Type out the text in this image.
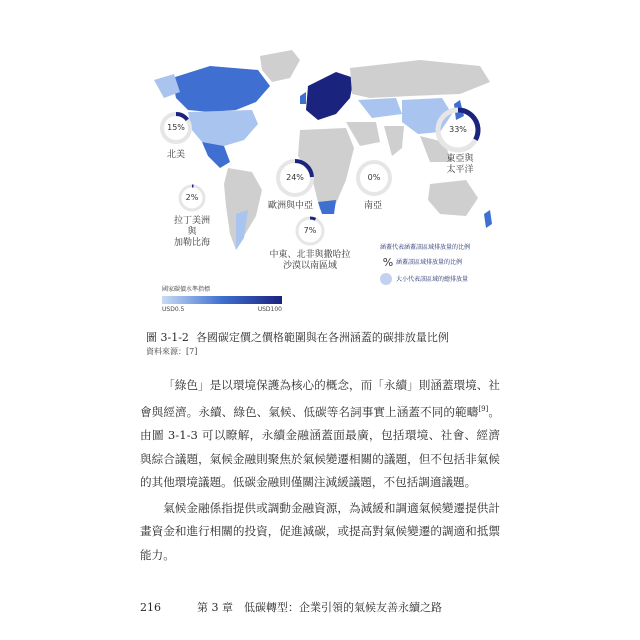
15%
北美
2%
拉丁美洲與
加勒比海
24%
歐洲與中亞
7%
中東、北非與撒哈拉
沙漠以南區域
0%
南亞
33%
東亞與
太平洋
國家碳價水準指標
USD0.5	USD100
涵蓋代表涵蓋該區域排放量的比例
% 涵蓋該區域排放量的比例
大小代表該區域的總排放量
圖 3-1-2 各國碳定價之價格範圍與在各洲涵蓋的碳排放量比例
資料來源：[7]

「綠色」是以環境保護為核心的概念，而「永續」則涵蓋環境、社會與經濟。永續、綠色、氣候、低碳等名詞事實上涵蓋不同的範疇[9]。由圖 3-1-3 可以瞭解，永續金融涵蓋面最廣，包括環境、社會、經濟與綜合議題，氣候金融則聚焦於氣候變遷相關的議題，但不包括非氣候的其他環境議題。低碳金融則僅關注減緩議題，不包括調適議題。

氣候金融係指提供或調動金融資源，為減緩和調適氣候變遷提供計畫資金和進行相關的投資，促進減碳，或提高對氣候變遷的調適和抵禦能力。

216	第 3 章　低碳轉型：企業引領的氣候友善永續之路
